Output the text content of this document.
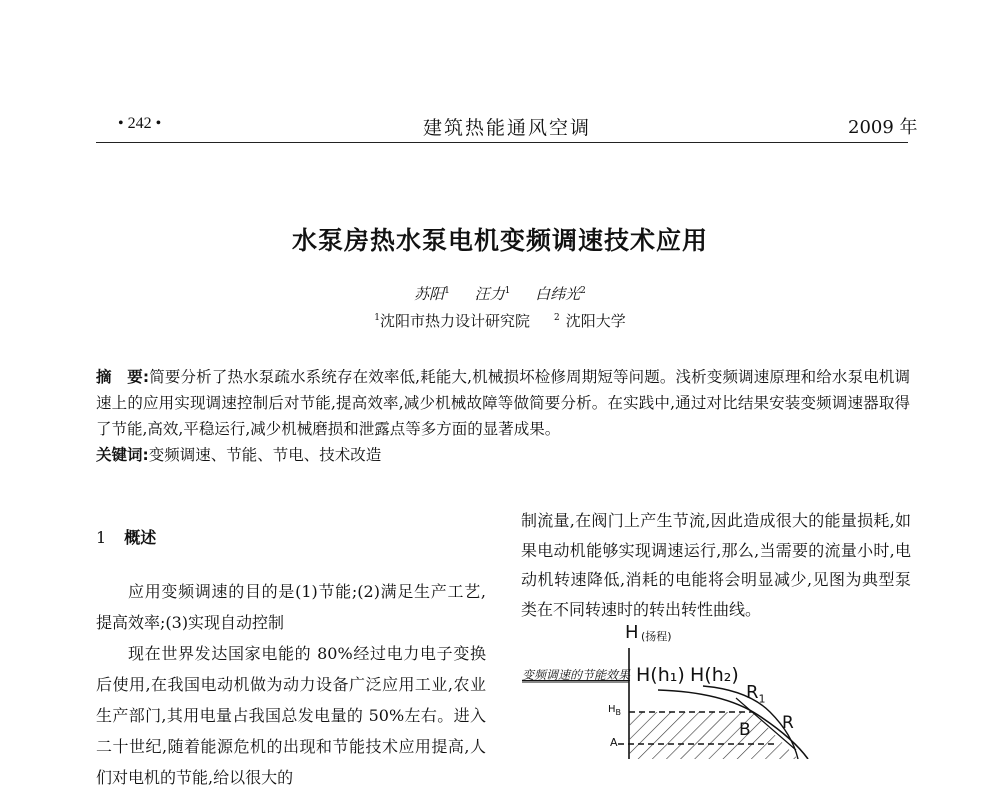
• 242 •	建筑热能通风空调	2009 年
水泵房热水泵电机变频调速技术应用
苏阳$^1$ 汪力$^1$ 白纬光$^2$
$^1$沈阳市热力设计研究院	$^2$ 沈阳大学

摘　要:简要分析了热水泵疏水系统存在效率低,耗能大,机械损坏检修周期短等问题。浅析变频调速原理和给水泵电机调速上的应用实现调速控制后对节能,提高效率,减少机械故障等做简要分析。在实践中,通过对比结果安装变频调速器取得了节能,高效,平稳运行,减少机械磨损和泄露点等多方面的显著成果。

关键词:变频调速、节能、节电、技术改造

1 概述

应用变频调速的目的是(1)节能;(2)满足生产工艺,提高效率;(3)实现自动控制

现在世界发达国家电能的 80%经过电力电子变换后使用,在我国电动机做为动力设备广泛应用工业,农业生产部门,其用电量占我国总发电量的 50%左右。进入二十世纪,随着能源危机的出现和节能技术应用提高,人们对电机的节能,给以很大的

制流量,在阀门上产生节流,因此造成很大的能量损耗,如果电动机能够实现调速运行,那么,当需要的流量小时,电动机转速降低,消耗的电能将会明显减少,见图为典型泵类在不同转速时的转出转性曲线。

H (扬程)
变频调速的节能效果 H(h₁) H(h₂)
$H_B$
A
B R
$R_1$
